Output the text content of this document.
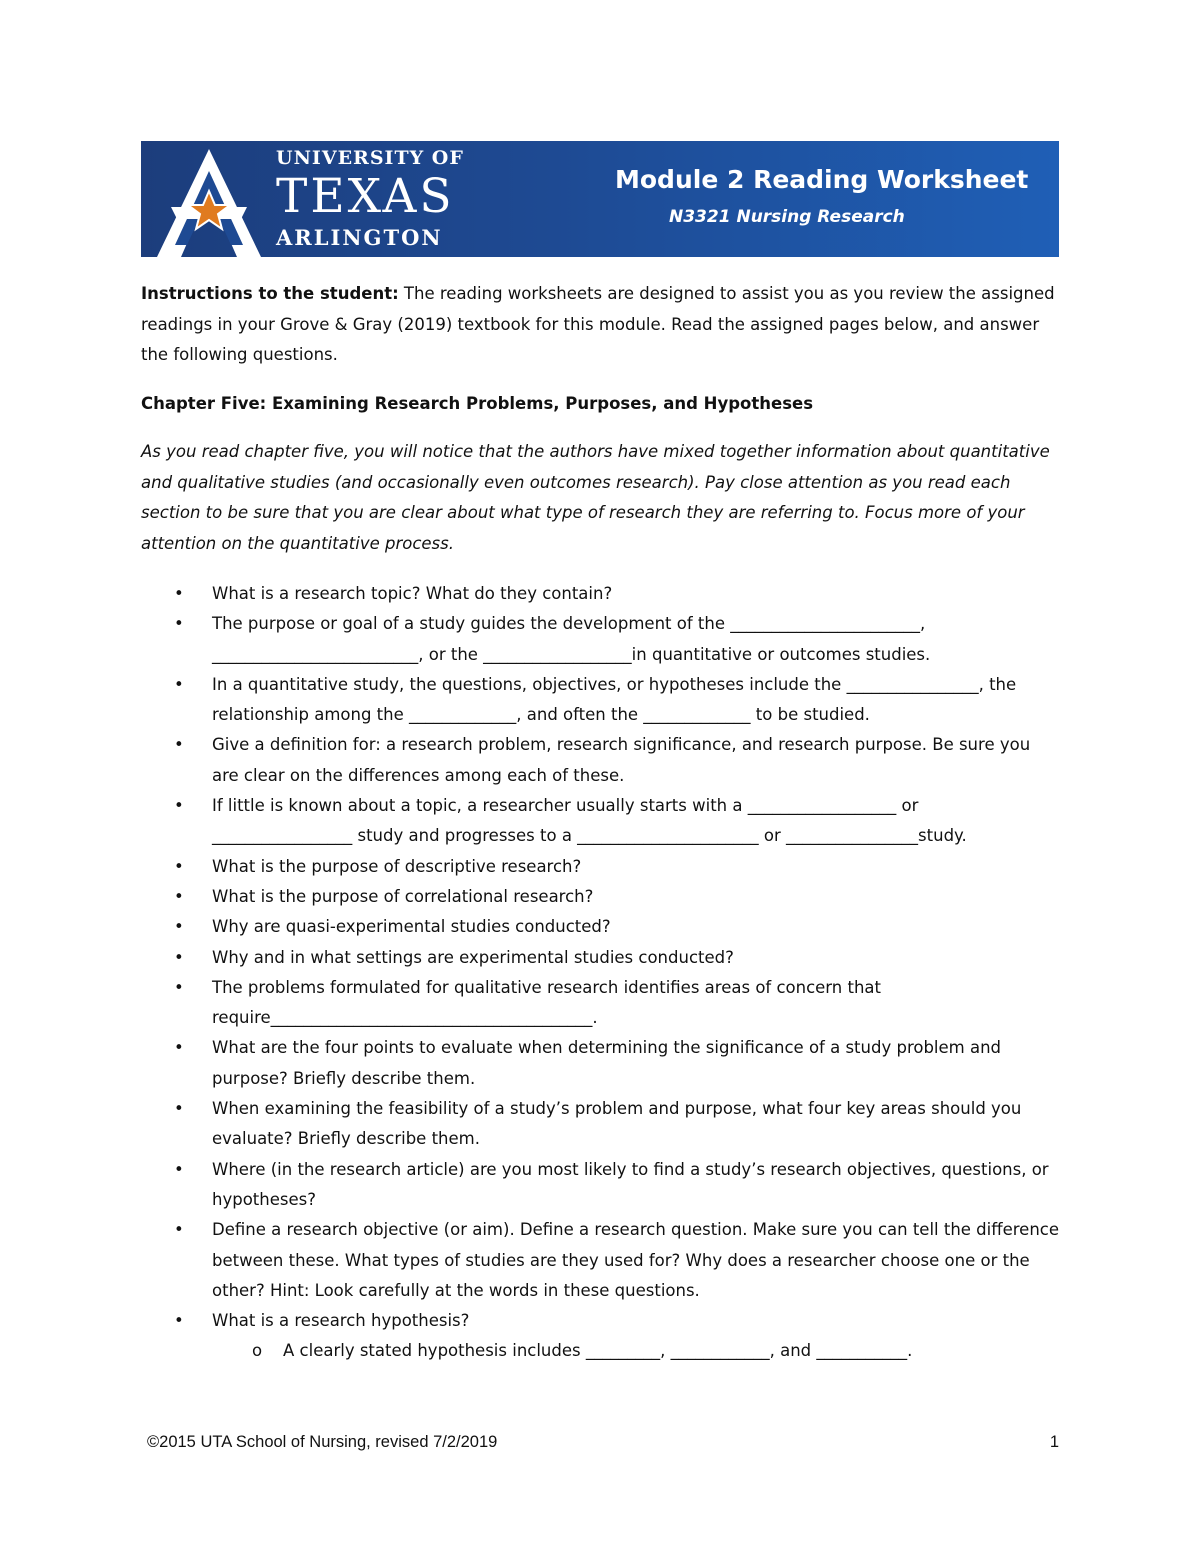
UNIVERSITY OF
TEXAS
ARLINGTON
Module 2 Reading Worksheet
N3321 Nursing Research

Instructions to the student: The reading worksheets are designed to assist you as you review the assigned readings in your Grove & Gray (2019) textbook for this module. Read the assigned pages below, and answer the following questions.

Chapter Five: Examining Research Problems, Purposes, and Hypotheses

As you read chapter five, you will notice that the authors have mixed together information about quantitative and qualitative studies (and occasionally even outcomes research). Pay close attention as you read each section to be sure that you are clear about what type of research they are referring to. Focus more of your attention on the quantitative process.

• What is a research topic? What do they contain?
• The purpose or goal of a study guides the development of the _______________________, _________________________, or the __________________in quantitative or outcomes studies.
• In a quantitative study, the questions, objectives, or hypotheses include the ________________, the relationship among the _____________, and often the _____________ to be studied.
• Give a definition for: a research problem, research significance, and research purpose. Be sure you are clear on the differences among each of these.
• If little is known about a topic, a researcher usually starts with a __________________ or _________________ study and progresses to a ______________________ or ________________study.
• What is the purpose of descriptive research?
• What is the purpose of correlational research?
• Why are quasi-experimental studies conducted?
• Why and in what settings are experimental studies conducted?
• The problems formulated for qualitative research identifies areas of concern that require_______________________________________.
• What are the four points to evaluate when determining the significance of a study problem and purpose? Briefly describe them.
• When examining the feasibility of a study’s problem and purpose, what four key areas should you evaluate? Briefly describe them.
• Where (in the research article) are you most likely to find a study’s research objectives, questions, or hypotheses?
• Define a research objective (or aim). Define a research question. Make sure you can tell the difference between these. What types of studies are they used for? Why does a researcher choose one or the other? Hint: Look carefully at the words in these questions.
• What is a research hypothesis?
o A clearly stated hypothesis includes _________, ____________, and ___________.
©2015 UTA School of Nursing, revised 7/2/2019	1
